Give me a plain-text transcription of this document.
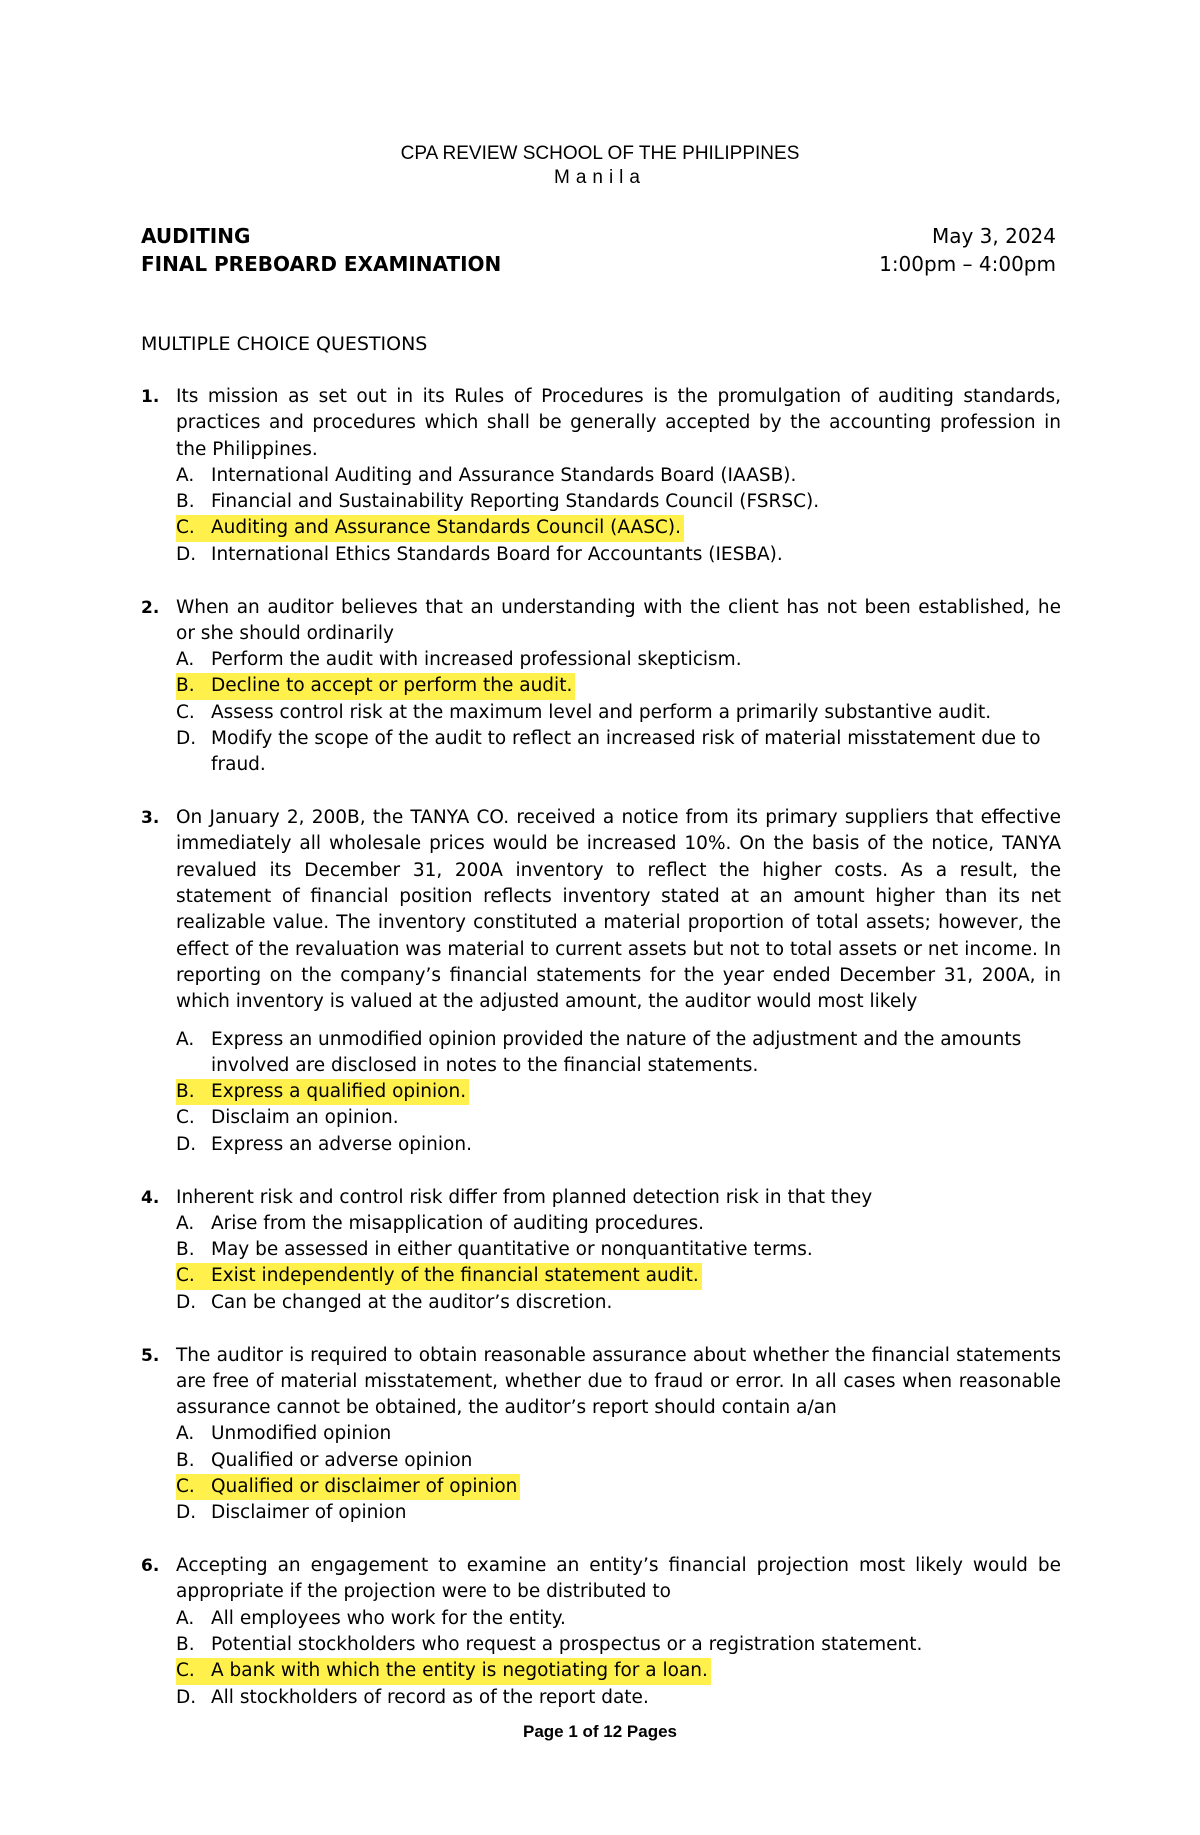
CPA REVIEW SCHOOL OF THE PHILIPPINES
Manila
AUDITING	May 3, 2024
FINAL PREBOARD EXAMINATION	1:00pm – 4:00pm
MULTIPLE CHOICE QUESTIONS
1. Its mission as set out in its Rules of Procedures is the promulgation of auditing standards, practices and procedures which shall be generally accepted by the accounting profession in the Philippines.
A. International Auditing and Assurance Standards Board (IAASB).
B. Financial and Sustainability Reporting Standards Council (FSRSC).
C. Auditing and Assurance Standards Council (AASC).
D. International Ethics Standards Board for Accountants (IESBA).
2. When an auditor believes that an understanding with the client has not been established, he or she should ordinarily
A. Perform the audit with increased professional skepticism.
B. Decline to accept or perform the audit.
C. Assess control risk at the maximum level and perform a primarily substantive audit.
D. Modify the scope of the audit to reflect an increased risk of material misstatement due to fraud.
3. On January 2, 200B, the TANYA CO. received a notice from its primary suppliers that effective immediately all wholesale prices would be increased 10%. On the basis of the notice, TANYA revalued its December 31, 200A inventory to reflect the higher costs. As a result, the statement of financial position reflects inventory stated at an amount higher than its net realizable value. The inventory constituted a material proportion of total assets; however, the effect of the revaluation was material to current assets but not to total assets or net income. In reporting on the company’s financial statements for the year ended December 31, 200A, in which inventory is valued at the adjusted amount, the auditor would most likely
A. Express an unmodified opinion provided the nature of the adjustment and the amounts involved are disclosed in notes to the financial statements.
B. Express a qualified opinion.
C. Disclaim an opinion.
D. Express an adverse opinion.
4. Inherent risk and control risk differ from planned detection risk in that they
A. Arise from the misapplication of auditing procedures.
B. May be assessed in either quantitative or nonquantitative terms.
C. Exist independently of the financial statement audit.
D. Can be changed at the auditor’s discretion.
5. The auditor is required to obtain reasonable assurance about whether the financial statements are free of material misstatement, whether due to fraud or error. In all cases when reasonable assurance cannot be obtained, the auditor’s report should contain a/an
A. Unmodified opinion
B. Qualified or adverse opinion
C. Qualified or disclaimer of opinion
D. Disclaimer of opinion
6. Accepting an engagement to examine an entity’s financial projection most likely would be appropriate if the projection were to be distributed to
A. All employees who work for the entity.
B. Potential stockholders who request a prospectus or a registration statement.
C. A bank with which the entity is negotiating for a loan.
D. All stockholders of record as of the report date.
Page 1 of 12 Pages
